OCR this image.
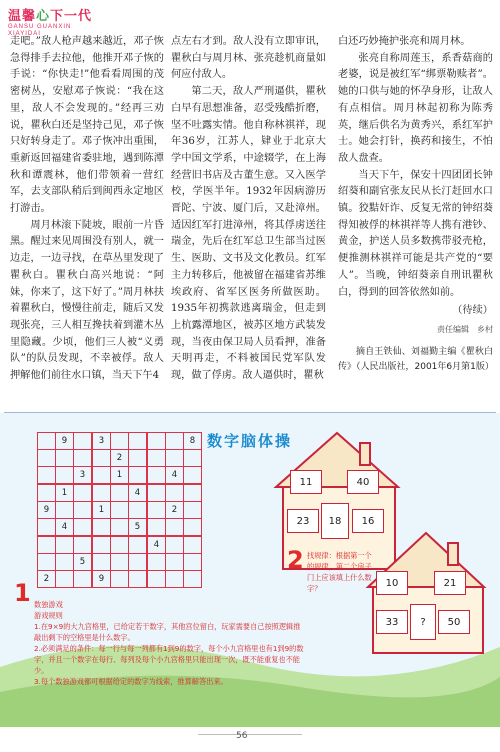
温馨心下一代
GANSU GUANXIN
XIAYIDAI

走吧。”敌人枪声越来越近，邓子恢急得排手去拉他，他推开邓子恢的手说：“你快走!”他看看周围的茂密树丛，安慰邓子恢说：“我在这里，敌人不会发现的。”经再三劝说，瞿秋白还是坚持己见，邓子恢只好转身走了。邓子恢冲出重围，重新返回福建省委驻地，遇到陈潭秋和谭震林，他们带领着一营红军，去支部队稍后到闽西永定地区打游击。

周月林滚下陡坡，眼前一片昏黑。醒过来见周围没有别人，就一边走，一边寻找，在草丛里发现了瞿秋白。瞿秋白高兴地说：“阿妹，你来了，这下好了。”周月林扶着瞿秋白，慢慢往前走，随后又发现张亮，三人相互搀扶着到灌木丛里隐藏。少顷，他们三人被“义勇队”的队员发现，不幸被俘。敌人押解他们前往水口镇，当天下午4

点左右才到。敌人没有立即审讯，瞿秋白与周月林、张亮趁机商量如何应付敌人。

第二天，敌人严刑逼供，瞿秋白早有思想准备，忍受残酷折磨，坚不吐露实情。他自称林祺祥，现年36岁，江苏人，肄业于北京大学中国文学系，中途辍学，在上海经营旧书店及古董生意。又入医学校，学医半年。1932年因病游历晋陀、宁波、厦门后，又赴漳州。适因红军打进漳州，将其俘虏送往瑞金，先后在红军总卫生部当过医生、医助、文书及文化教员。红军主力转移后，他被留在福建省苏维埃政府、省军区医务所做医助。1935年初携款逃离瑞金，但走到上杭露潭地区，被苏区地方武装发现，当夜由保卫局人员看押，准备天明再走，不料被国民党军队发现，做了俘虏。敌人逼供时，瞿秋

白还巧妙掩护张亮和周月林。

张亮自称周莲玉，系香菇商的老婆，说是被红军“绑票勒赎者”。她的口供与她的怀孕身形，让敌人有点相信。周月林起初称为陈秀英，继后供名为黄秀兴，系红军护士。她会打针，换药和接生，不怕敌人盘查。

当天下午，保安十四团团长钟绍葵和副官张友民从长汀赶回水口镇。狡黠奸诈、反复无常的钟绍葵得知被俘的林祺祥等人携有港钞、黄金，护送人员多数携带驳壳枪，便推测林祺祥可能是共产党的“要人”。当晚，钟绍葵亲自刑讯瞿秋白，得到的回答依然如前。

（待续）
责任编辑　乡村

摘自王铁仙、刘福勤主编《瞿秋白传》（人民出版社，2001年6月第1版）

数字脑体操
	9		3					8
				2				
		3		1			4	
	1				4			
9			1				2	
	4				5			
						4		
		5						
2			9					
11	40
23	18	16
10	21
33	?	50
1 数独游戏

游戏规则

1.在9×9的大九宫格里，已给定若干数字，其他宫位留白，玩家需要自己按照逻辑推敲出剩下的空格里是什么数字。

2.必须满足的条件：每一行与每一列都有1到9的数字，每个小九宫格里也有1到9的数字，并且一个数字在每行、每列及每个小九宫格里只能出现一次，既不能重复也不能少。

3.每个数独游戏都可根据给定的数字为线索，推算解答出来。

2 找规律：根据第一个的规律，第二个房子门上应该填上什么数字？

56
